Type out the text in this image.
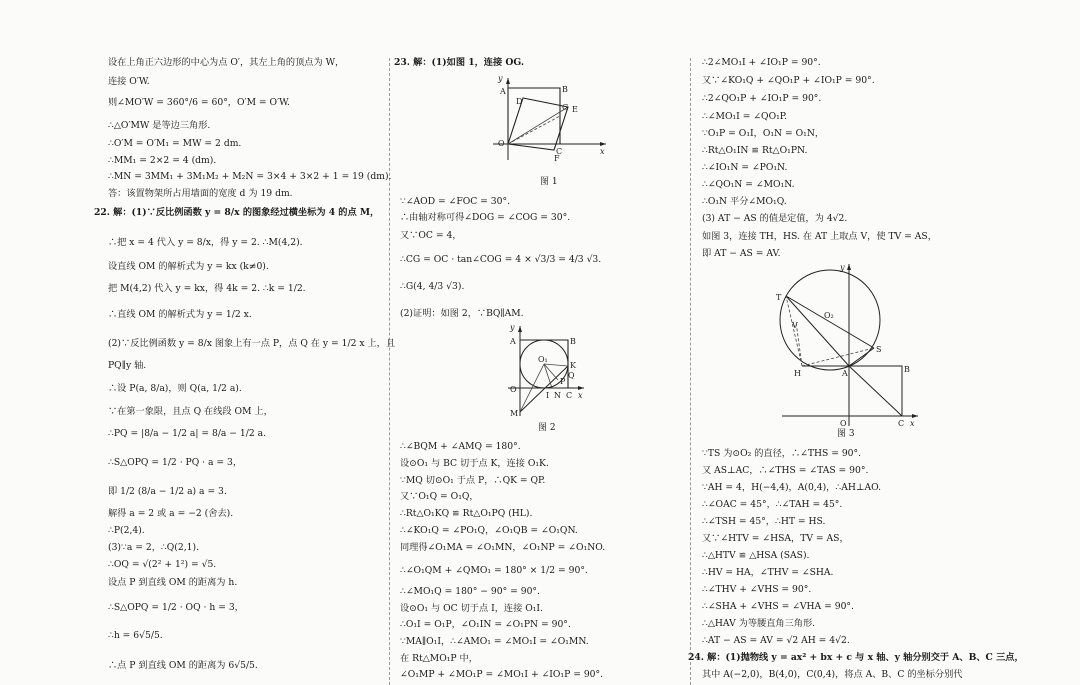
设在上角正六边形的中心为点 O′，其左上角的顶点为 W，
连接 O′W.
则∠MO′W = 360°/6 = 60°，O′M = O′W.
∴△O′MW 是等边三角形.
∴O′M = O′M₁ = MW = 2 dm.
∴MM₁ = 2×2 = 4 (dm).
∴MN = 3MM₁ + 3M₁M₂ + M₂N = 3×4 + 3×2 + 1 = 19 (dm).
答：该置物架所占用墙面的宽度 d 为 19 dm.
22. 解：(1)∵反比例函数 y = 8/x 的图象经过横坐标为 4 的点 M，
∴把 x = 4 代入 y = 8/x，得 y = 2. ∴M(4,2).
设直线 OM 的解析式为 y = kx (k≠0).
把 M(4,2) 代入 y = kx，得 4k = 2. ∴k = 1/2.
∴直线 OM 的解析式为 y = 1/2 x.
(2)∵反比例函数 y = 8/x 图象上有一点 P，点 Q 在 y = 1/2 x 上，且
PQ∥y 轴.
∴设 P(a, 8/a)，则 Q(a, 1/2 a).
∵在第一象限，且点 Q 在线段 OM 上，
∴PQ = |8/a − 1/2 a| = 8/a − 1/2 a.
∴S△OPQ = 1/2 · PQ · a = 3，
即 1/2 (8/a − 1/2 a) a = 3.
解得 a = 2 或 a = −2 (舍去).
∴P(2,4).
(3)∵a = 2，∴Q(2,1).
∴OQ = √(2² + 1²) = √5.
设点 P 到直线 OM 的距离为 h.
∴S△OPQ = 1/2 · OQ · h = 3，
∴h = 6√5/5.
∴点 P 到直线 OM 的距离为 6√5/5.
23. 解：(1)如图 1，连接 OG.
y
A	B
D
G E
O
C
F
x
图 1
∵∠AOD = ∠FOC = 30°.
∴由轴对称可得∠DOG = ∠COG = 30°.
又∵OC = 4，
∴CG = OC · tan∠COG = 4 × √3/3 = 4/3 √3.
∴G(4, 4/3 √3).
(2)证明：如图 2，∵BQ∥AM.
y
A	B
O₁
K
Q
P
O
I N C x
M
图 2
∴∠BQM + ∠AMQ = 180°.
设⊙O₁ 与 BC 切于点 K，连接 O₁K.
∵MQ 切⊙O₁ 于点 P，∴QK = QP.
又∵O₁Q = O₁Q，
∴Rt△O₁KQ ≌ Rt△O₁PQ (HL).
∴∠KO₁Q = ∠PO₁Q，∠O₁QB = ∠O₁QN.
同理得∠O₁MA = ∠O₁MN，∠O₁NP = ∠O₁NO.
∴∠O₁QM + ∠QMO₁ = 180° × 1/2 = 90°.
∴∠MO₁Q = 180° − 90° = 90°.
设⊙O₁ 与 OC 切于点 I，连接 O₁I.
∴O₁I = O₁P，∠O₁IN = ∠O₁PN = 90°.
∵MA∥O₁I，∴∠AMO₁ = ∠MO₁I = ∠O₁MN.
在 Rt△MO₁P 中，
∠O₁MP + ∠MO₁P = ∠MO₁I + ∠IO₁P = 90°.
∴2∠MO₁I + ∠IO₁P = 90°.
又∵∠KO₁Q + ∠QO₁P + ∠IO₁P = 90°.
∴2∠QO₁P + ∠IO₁P = 90°.
∴∠MO₁I = ∠QO₁P.
∵O₁P = O₁I，O₁N = O₁N，
∴Rt△O₁IN ≌ Rt△O₁PN.
∴∠IO₁N = ∠PO₁N.
∴∠QO₁N = ∠MO₁N.
∴O₁N 平分∠MO₁Q.
(3) AT − AS 的值是定值，为 4√2.
如图 3，连接 TH，HS. 在 AT 上取点 V，使 TV = AS，
即 AT − AS = AV.
y
T
O₂
V
S
H	A	B
O	C x
图 3
∵TS 为⊙O₂ 的直径，∴∠THS = 90°.
又 AS⊥AC，∴∠THS = ∠TAS = 90°.
∵AH = 4，H(−4,4)，A(0,4)，∴AH⊥AO.
∴∠OAC = 45°，∴∠TAH = 45°.
∴∠TSH = 45°，∴HT = HS.
又∵∠HTV = ∠HSA，TV = AS，
∴△HTV ≌ △HSA (SAS).
∴HV = HA，∠THV = ∠SHA.
∴∠THV + ∠VHS = 90°.
∴∠SHA + ∠VHS = ∠VHA = 90°.
∴△HAV 为等腰直角三角形.
∴AT − AS = AV = √2 AH = 4√2.
24. 解：(1)抛物线 y = ax² + bx + c 与 x 轴、y 轴分别交于 A、B、C 三点，
其中 A(−2,0)，B(4,0)，C(0,4)，将点 A、B、C 的坐标分别代
